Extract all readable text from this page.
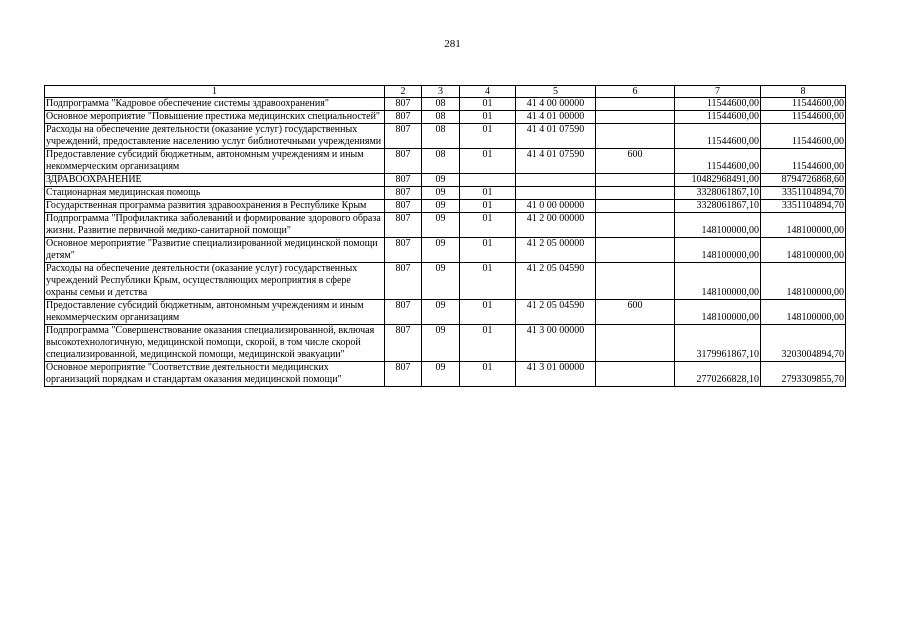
281
1	2	3	4	5	6	7	8
Подпрограмма "Кадровое обеспечение системы здравоохранения"	807	08	01	41 4 00 00000		11544600,00	11544600,00
Основное мероприятие "Повышение престижа медицинских специальностей"	807	08	01	41 4 01 00000		11544600,00	11544600,00
Расходы на обеспечение деятельности (оказание услуг) государственных учреждений, предоставление населению услуг библиотечными учреждениями	807	08	01	41 4 01 07590		11544600,00	11544600,00
Предоставление субсидий бюджетным, автономным учреждениям и иным некоммерческим организациям	807	08	01	41 4 01 07590	600	11544600,00	11544600,00
ЗДРАВООХРАНЕНИЕ	807	09				10482968491,00	8794726868,60
Стационарная медицинская помощь	807	09	01			3328061867,10	3351104894,70
Государственная программа развития здравоохранения в Республике Крым	807	09	01	41 0 00 00000		3328061867,10	3351104894,70
Подпрограмма "Профилактика заболеваний и формирование здорового образа жизни. Развитие первичной медико-санитарной помощи"	807	09	01	41 2 00 00000		148100000,00	148100000,00
Основное мероприятие "Развитие специализированной медицинской помощи детям"	807	09	01	41 2 05 00000		148100000,00	148100000,00
Расходы на обеспечение деятельности (оказание услуг) государственных учреждений Республики Крым, осуществляющих мероприятия в сфере охраны семьи и детства	807	09	01	41 2 05 04590		148100000,00	148100000,00
Предоставление субсидий бюджетным, автономным учреждениям и иным некоммерческим организациям	807	09	01	41 2 05 04590	600	148100000,00	148100000,00
Подпрограмма "Совершенствование оказания специализированной, включая высокотехнологичную, медицинской помощи, скорой, в том числе скорой специализированной, медицинской помощи, медицинской эвакуации"	807	09	01	41 3 00 00000		3179961867,10	3203004894,70
Основное мероприятие "Соответствие деятельности медицинских организаций порядкам и стандартам оказания медицинской помощи"	807	09	01	41 3 01 00000		2770266828,10	2793309855,70
